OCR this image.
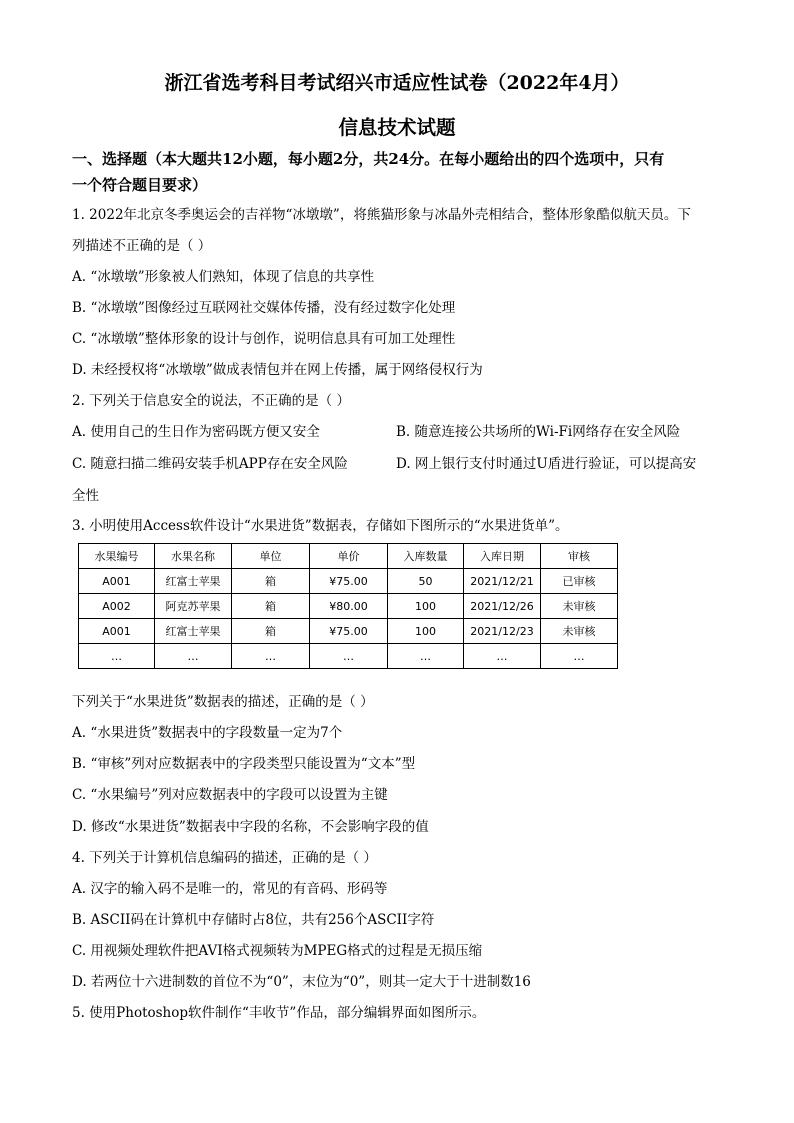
浙江省选考科目考试绍兴市适应性试卷（2022年4月）
信息技术试题
一、选择题（本大题共12小题，每小题2分，共24分。在每小题给出的四个选项中，只有
一个符合题目要求）
1. 2022年北京冬季奥运会的吉祥物“冰墩墩”，将熊猫形象与冰晶外壳相结合，整体形象酷似航天员。下
列描述不正确的是（ ）
A. “冰墩墩”形象被人们熟知，体现了信息的共享性
B. “冰墩墩”图像经过互联网社交媒体传播，没有经过数字化处理
C. “冰墩墩”整体形象的设计与创作，说明信息具有可加工处理性
D. 未经授权将“冰墩墩”做成表情包并在网上传播，属于网络侵权行为
2. 下列关于信息安全的说法，不正确的是（ ）
A. 使用自己的生日作为密码既方便又安全	B. 随意连接公共场所的Wi-Fi网络存在安全风险
C. 随意扫描二维码安装手机APP存在安全风险	D. 网上银行支付时通过U盾进行验证，可以提高安
全性
3. 小明使用Access软件设计“水果进货”数据表，存储如下图所示的“水果进货单”。
水果编号	水果名称	单位	单价	入库数量	入库日期	审核
A001	红富士苹果	箱	¥75.00	50	2021/12/21	已审核
A002	阿克苏苹果	箱	¥80.00	100	2021/12/26	未审核
A001	红富士苹果	箱	¥75.00	100	2021/12/23	未审核
…	…	…	…	…	…	…
下列关于“水果进货”数据表的描述，正确的是（ ）
A. “水果进货”数据表中的字段数量一定为7个
B. “审核”列对应数据表中的字段类型只能设置为“文本”型
C. “水果编号”列对应数据表中的字段可以设置为主键
D. 修改“水果进货”数据表中字段的名称，不会影响字段的值
4. 下列关于计算机信息编码的描述，正确的是（ ）
A. 汉字的输入码不是唯一的，常见的有音码、形码等
B. ASCII码在计算机中存储时占8位，共有256个ASCII字符
C. 用视频处理软件把AVI格式视频转为MPEG格式的过程是无损压缩
D. 若两位十六进制数的首位不为“0”，末位为“0”，则其一定大于十进制数16
5. 使用Photoshop软件制作“丰收节”作品，部分编辑界面如图所示。
